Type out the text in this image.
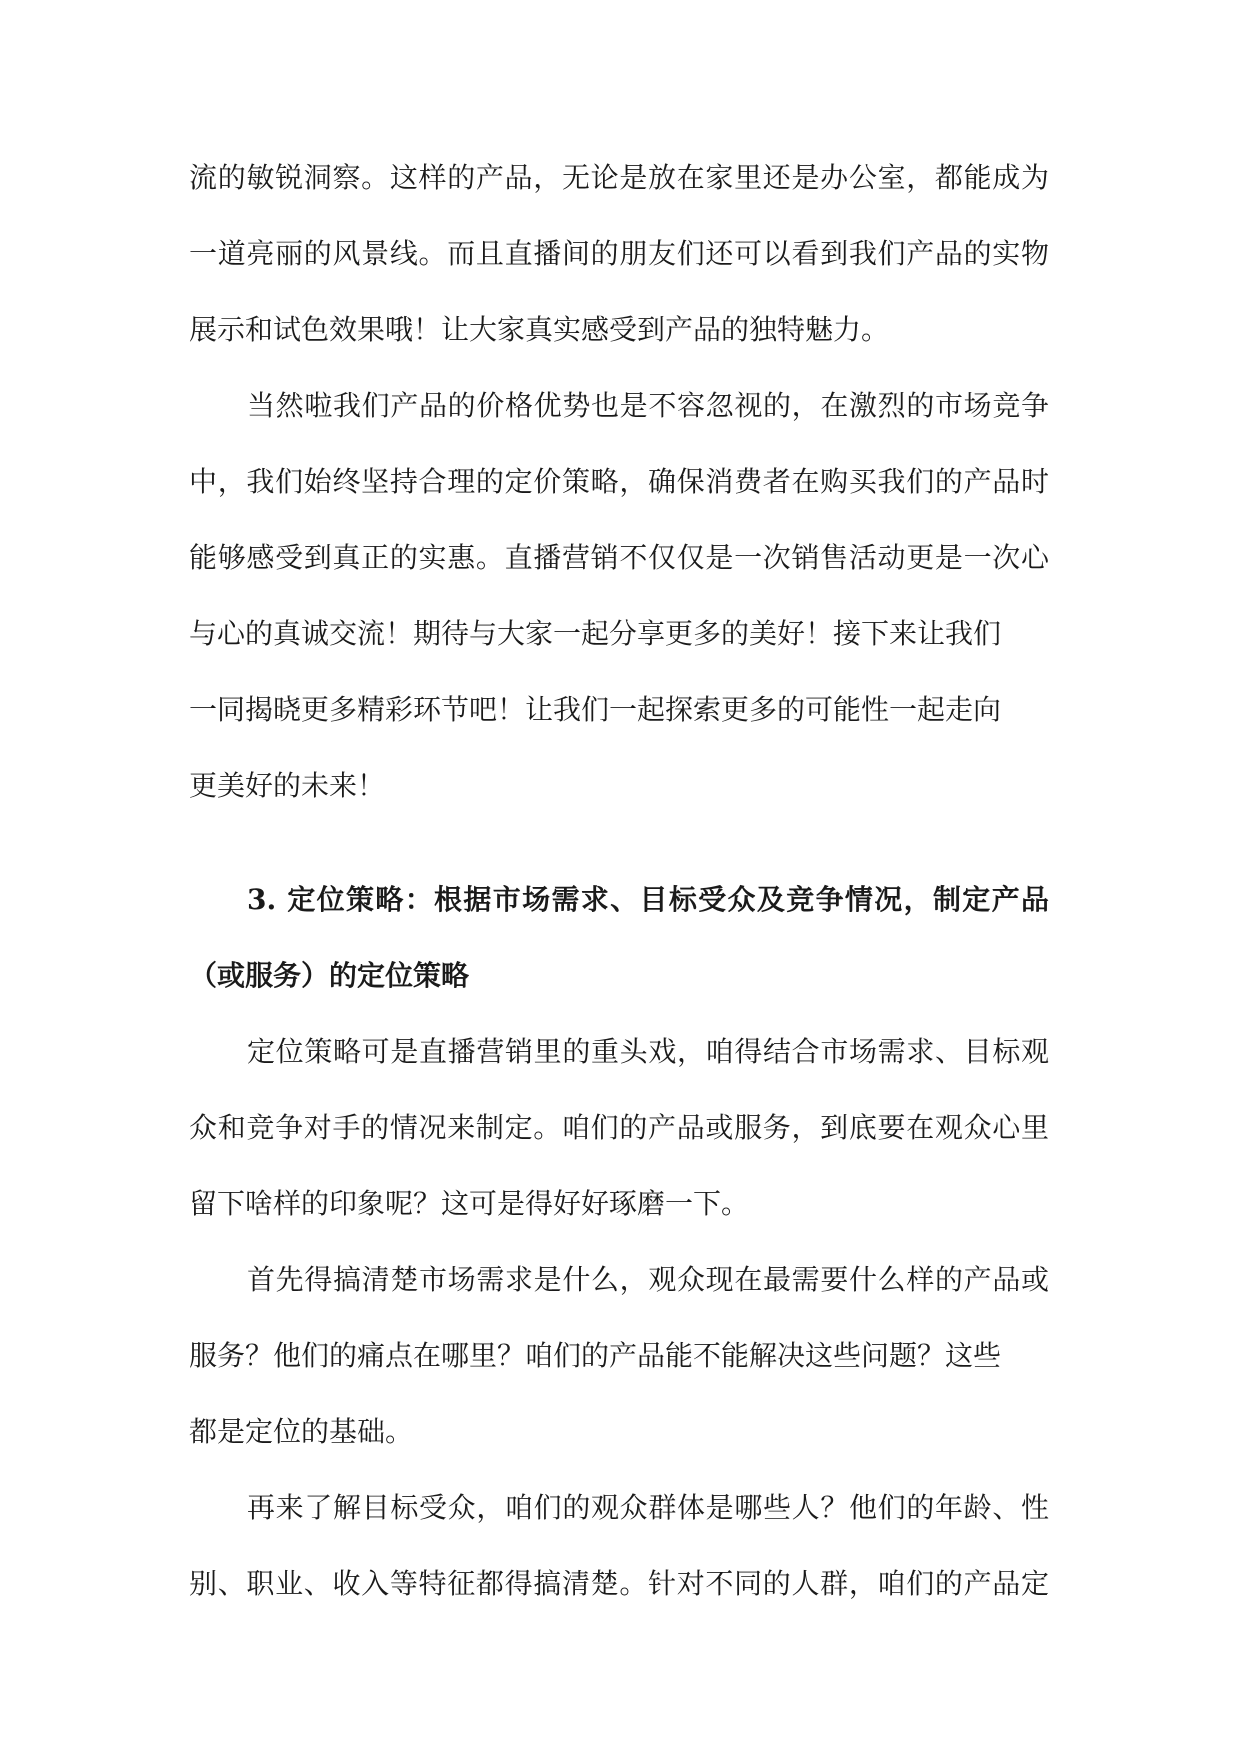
流的敏锐洞察。这样的产品，无论是放在家里还是办公室，都能成为
一道亮丽的风景线。而且直播间的朋友们还可以看到我们产品的实物
展示和试色效果哦！让大家真实感受到产品的独特魅力。
当然啦我们产品的价格优势也是不容忽视的，在激烈的市场竞争
中，我们始终坚持合理的定价策略，确保消费者在购买我们的产品时
能够感受到真正的实惠。直播营销不仅仅是一次销售活动更是一次心
与心的真诚交流！期待与大家一起分享更多的美好！接下来让我们
一同揭晓更多精彩环节吧！让我们一起探索更多的可能性一起走向
更美好的未来！
3. 定位策略：根据市场需求、目标受众及竞争情况，制定产品
（或服务）的定位策略
定位策略可是直播营销里的重头戏，咱得结合市场需求、目标观
众和竞争对手的情况来制定。咱们的产品或服务，到底要在观众心里
留下啥样的印象呢？这可是得好好琢磨一下。
首先得搞清楚市场需求是什么，观众现在最需要什么样的产品或
服务？他们的痛点在哪里？咱们的产品能不能解决这些问题？这些
都是定位的基础。
再来了解目标受众，咱们的观众群体是哪些人？他们的年龄、性
别、职业、收入等特征都得搞清楚。针对不同的人群，咱们的产品定
